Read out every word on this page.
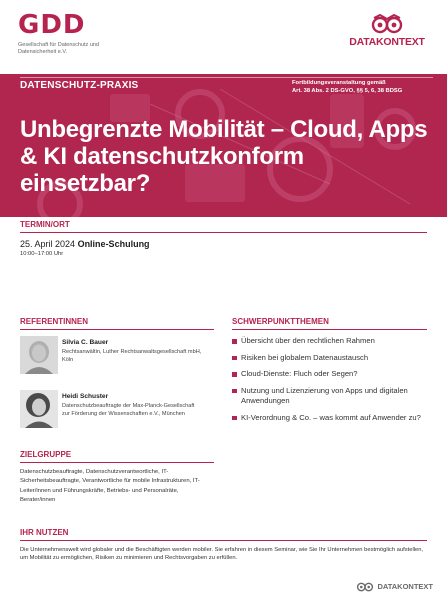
GDD
Gesellschaft für Datenschutz und Datensicherheit e.V.
DATAKONTEXT
DATENSCHUTZ-PRAXIS	Fortbildungsveranstaltung gemäß
Art. 38 Abs. 2 DS-GVO, §§ 5, 6, 38 BDSG
Unbegrenzte Mobilität – Cloud, Apps & KI datenschutzkonform einsetzbar?
TERMIN/ORT
25. April 2024 Online-Schulung
10:00–17:00 Uhr
REFERENTINNEN
Silvia C. Bauer
Rechtsanwältin, Luther Rechtsanwaltsgesellschaft mbH,
Köln
Heidi Schuster
Datenschutzbeauftragte der Max-Planck-Gesellschaft
zur Förderung der Wissenschaften e.V., München
SCHWERPUNKTTHEMEN
Übersicht über den rechtlichen Rahmen
Risiken bei globalem Datenaustausch
Cloud-Dienste: Fluch oder Segen?
Nutzung und Lizenzierung von Apps und digitalen Anwendungen
KI-Verordnung & Co. – was kommt auf Anwender zu?
ZIELGRUPPE
Datenschutzbeauftragte, Datenschutzverantwortliche, IT-Sicherheitsbeauftragte, Verantwortliche für mobile Infrastrukturen, IT-Leiter/innen und Führungskräfte, Betriebs- und Personalräte, Berater/innen
IHR NUTZEN
Die Unternehmenswelt wird globaler und die Beschäftigten werden mobiler. Sie erfahren in diesem Seminar, wie Sie Ihr Unternehmen bestmöglich aufstellen, um Mobilität zu ermöglichen, Risiken zu minimieren und Rechtsvorgaben zu erfüllen.
DATAKONTEXT
